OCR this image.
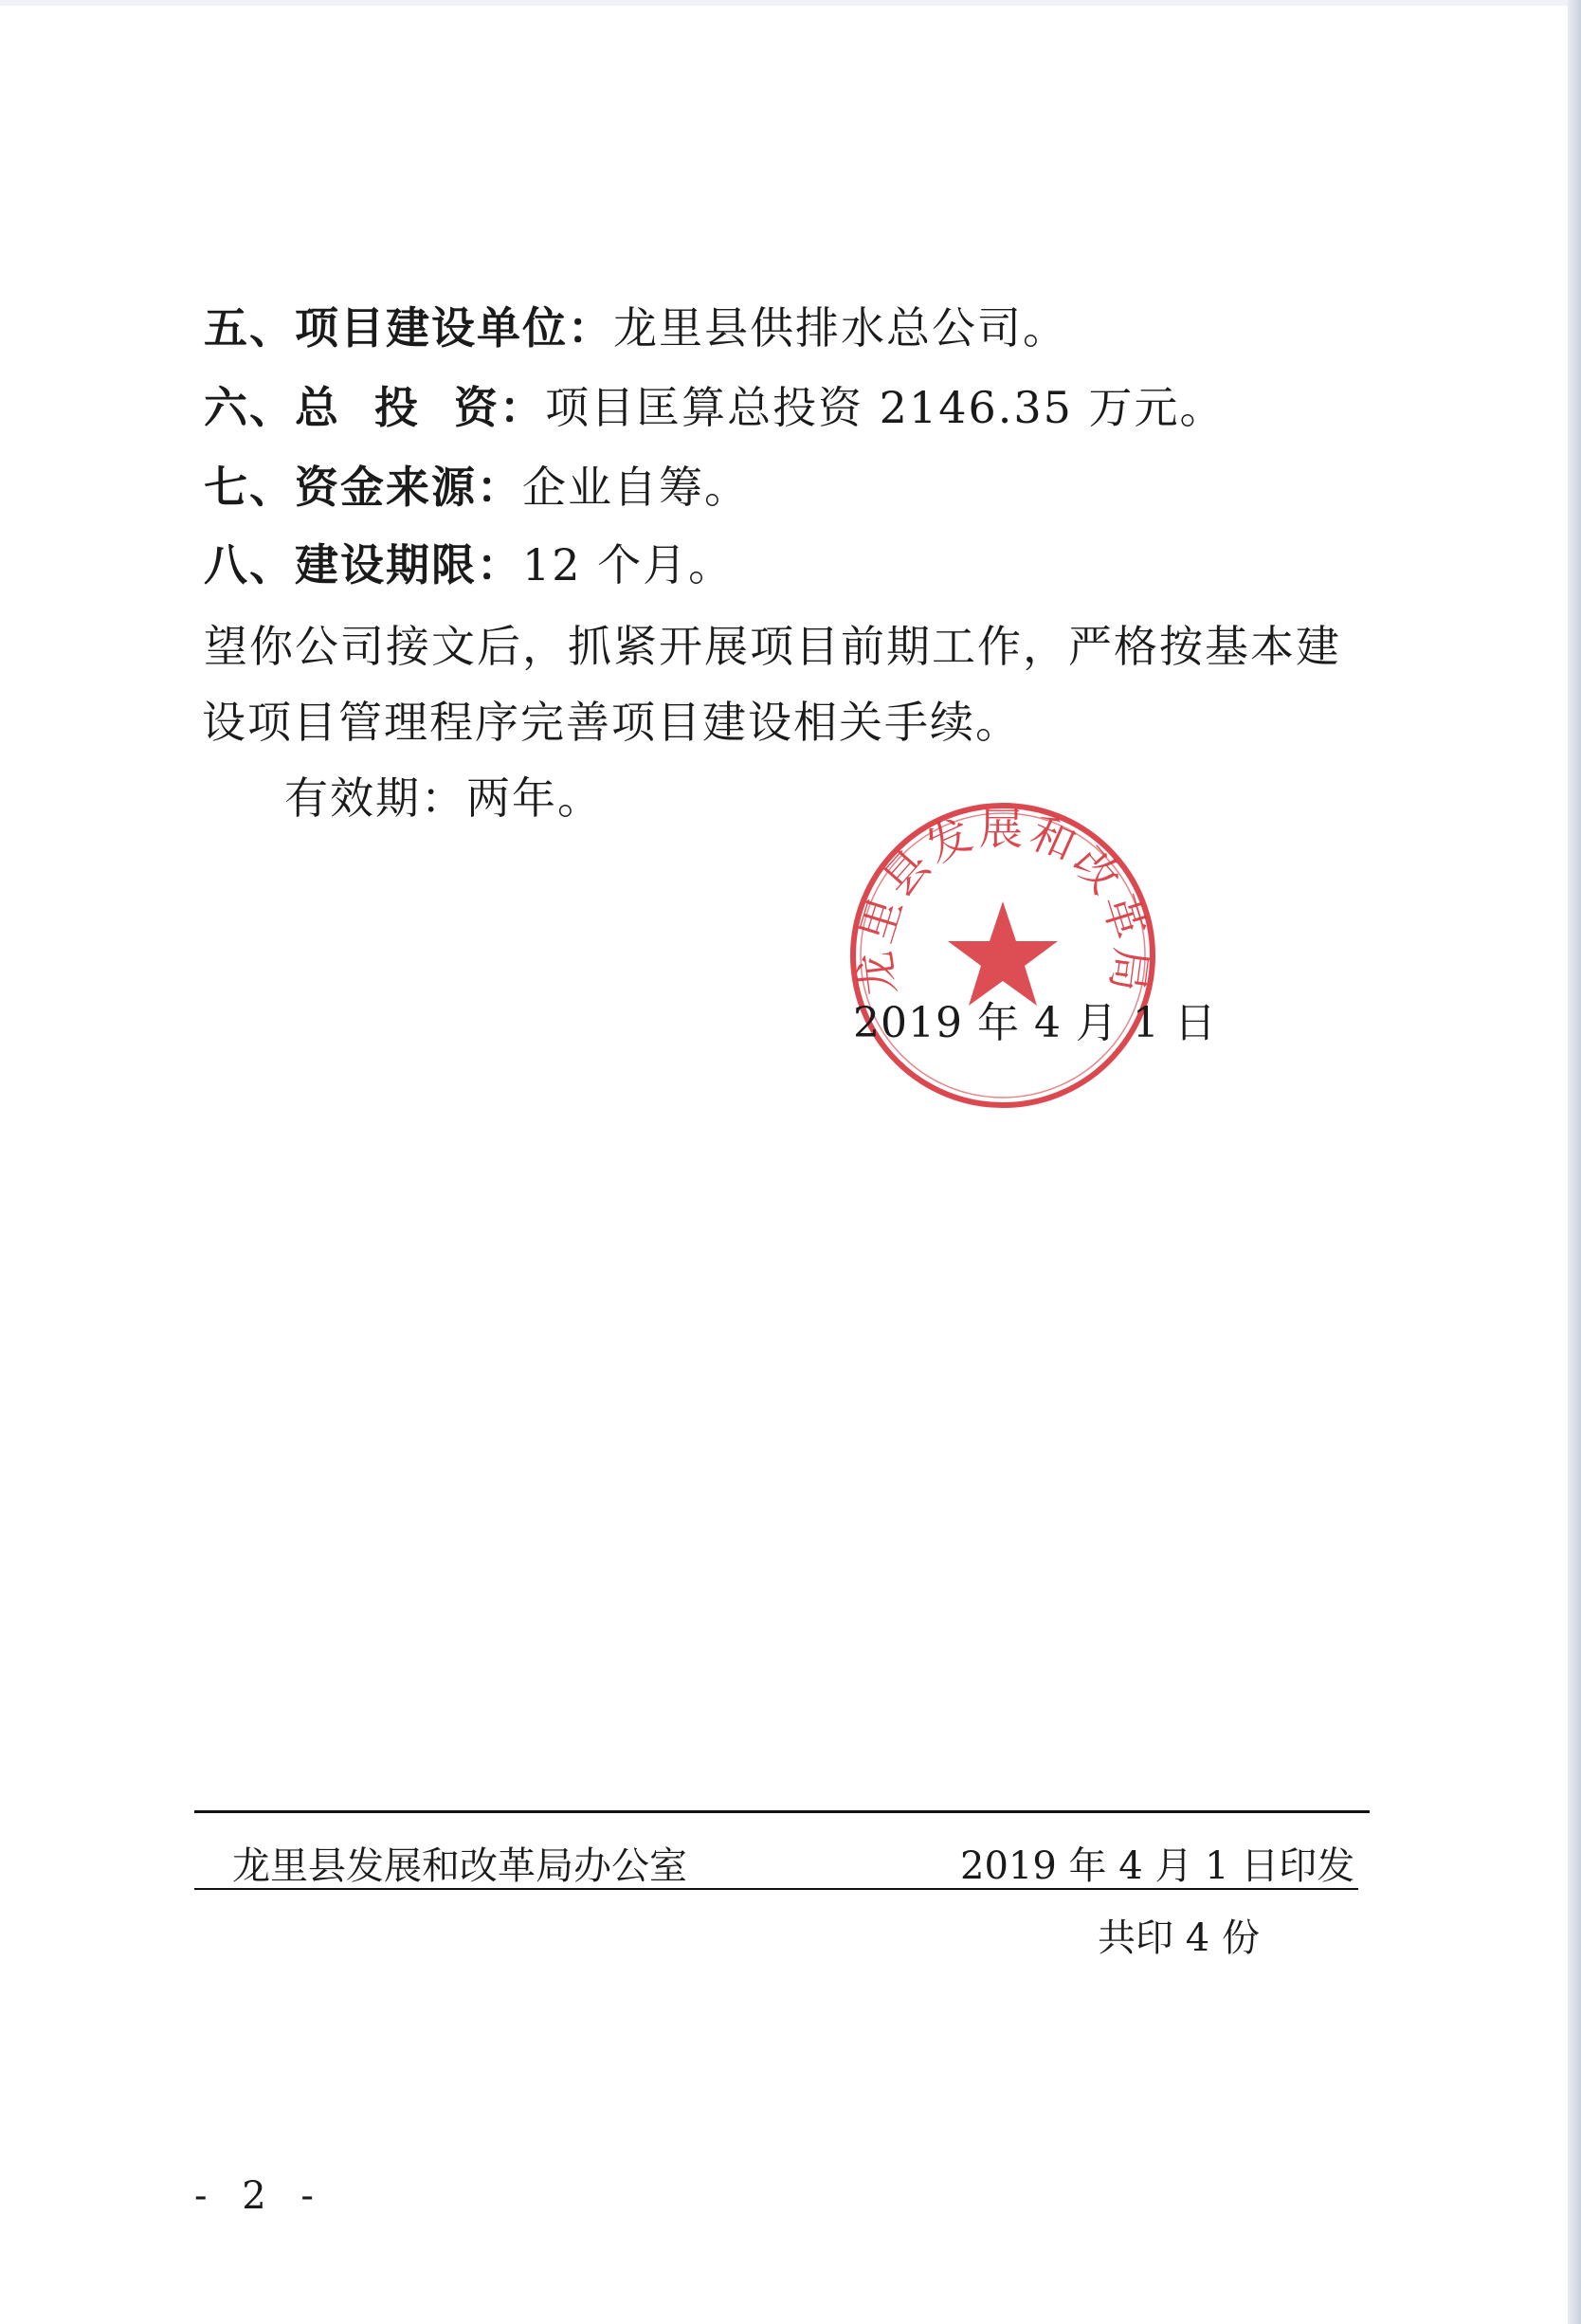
五、项目建设单位：龙里县供排水总公司。
六、总  投  资：项目匡算总投资 2146.35 万元。
七、资金来源：企业自筹。
八、建设期限：12 个月。
望你公司接文后，抓紧开展项目前期工作，严格按基本建
设项目管理程序完善项目建设相关手续。
有效期：两年。
龙里县发展和改革局
2019 年 4 月 1 日
龙里县发展和改革局办公室	2019 年 4 月 1 日印发
共印 4 份
- 2 -
